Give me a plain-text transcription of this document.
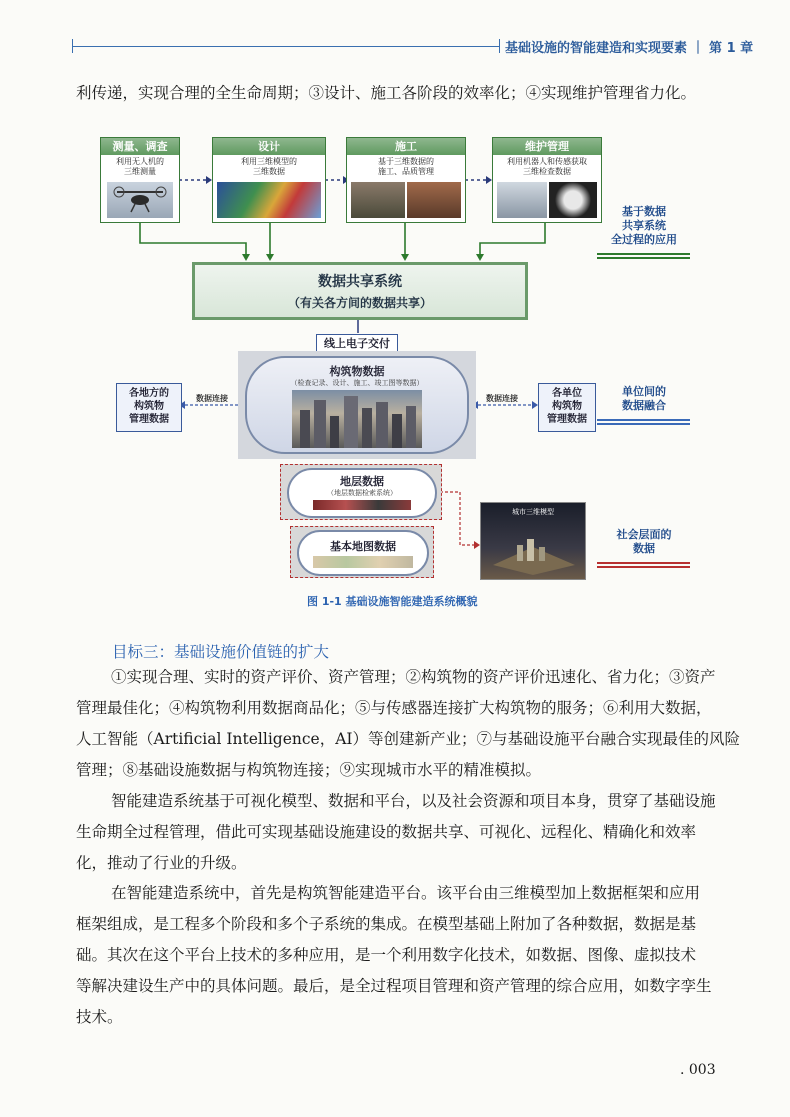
基础设施的智能建造和实现要素 ｜ 第 1 章
利传递，实现合理的全生命周期；③设计、施工各阶段的效率化；④实现维护管理省力化。
测量、调查
利用无人机的
三维测量
设计
利用三维模型的
三维数据
施工
基于三维数据的
施工、品质管理
维护管理
利用机器人和传感获取
三维检查数据
基于数据
共享系统
全过程的应用
数据共享系统
（有关各方间的数据共享）
线上电子交付
构筑物数据
（检查记录、设计、施工、竣工图等数据）
各地方的
构筑物
管理数据
数据连接	数据连接	各单位
构筑物
管理数据
单位间的
数据融合
地层数据
（地层数据检索系统）
基本地图数据
城市三维模型
社会层面的
数据
图 1-1 基础设施智能建造系统概貌
目标三：基础设施价值链的扩大
①实现合理、实时的资产评价、资产管理；②构筑物的资产评价迅速化、省力化；③资产
管理最佳化；④构筑物利用数据商品化；⑤与传感器连接扩大构筑物的服务；⑥利用大数据，
人工智能（Artificial Intelligence，AI）等创建新产业；⑦与基础设施平台融合实现最佳的风险
管理；⑧基础设施数据与构筑物连接；⑨实现城市水平的精准模拟。
智能建造系统基于可视化模型、数据和平台，以及社会资源和项目本身，贯穿了基础设施
生命期全过程管理，借此可实现基础设施建设的数据共享、可视化、远程化、精确化和效率
化，推动了行业的升级。
在智能建造系统中，首先是构筑智能建造平台。该平台由三维模型加上数据框架和应用
框架组成，是工程多个阶段和多个子系统的集成。在模型基础上附加了各种数据，数据是基
础。其次在这个平台上技术的多种应用，是一个利用数字化技术，如数据、图像、虚拟技术
等解决建设生产中的具体问题。最后，是全过程项目管理和资产管理的综合应用，如数字孪生
技术。
. 003
